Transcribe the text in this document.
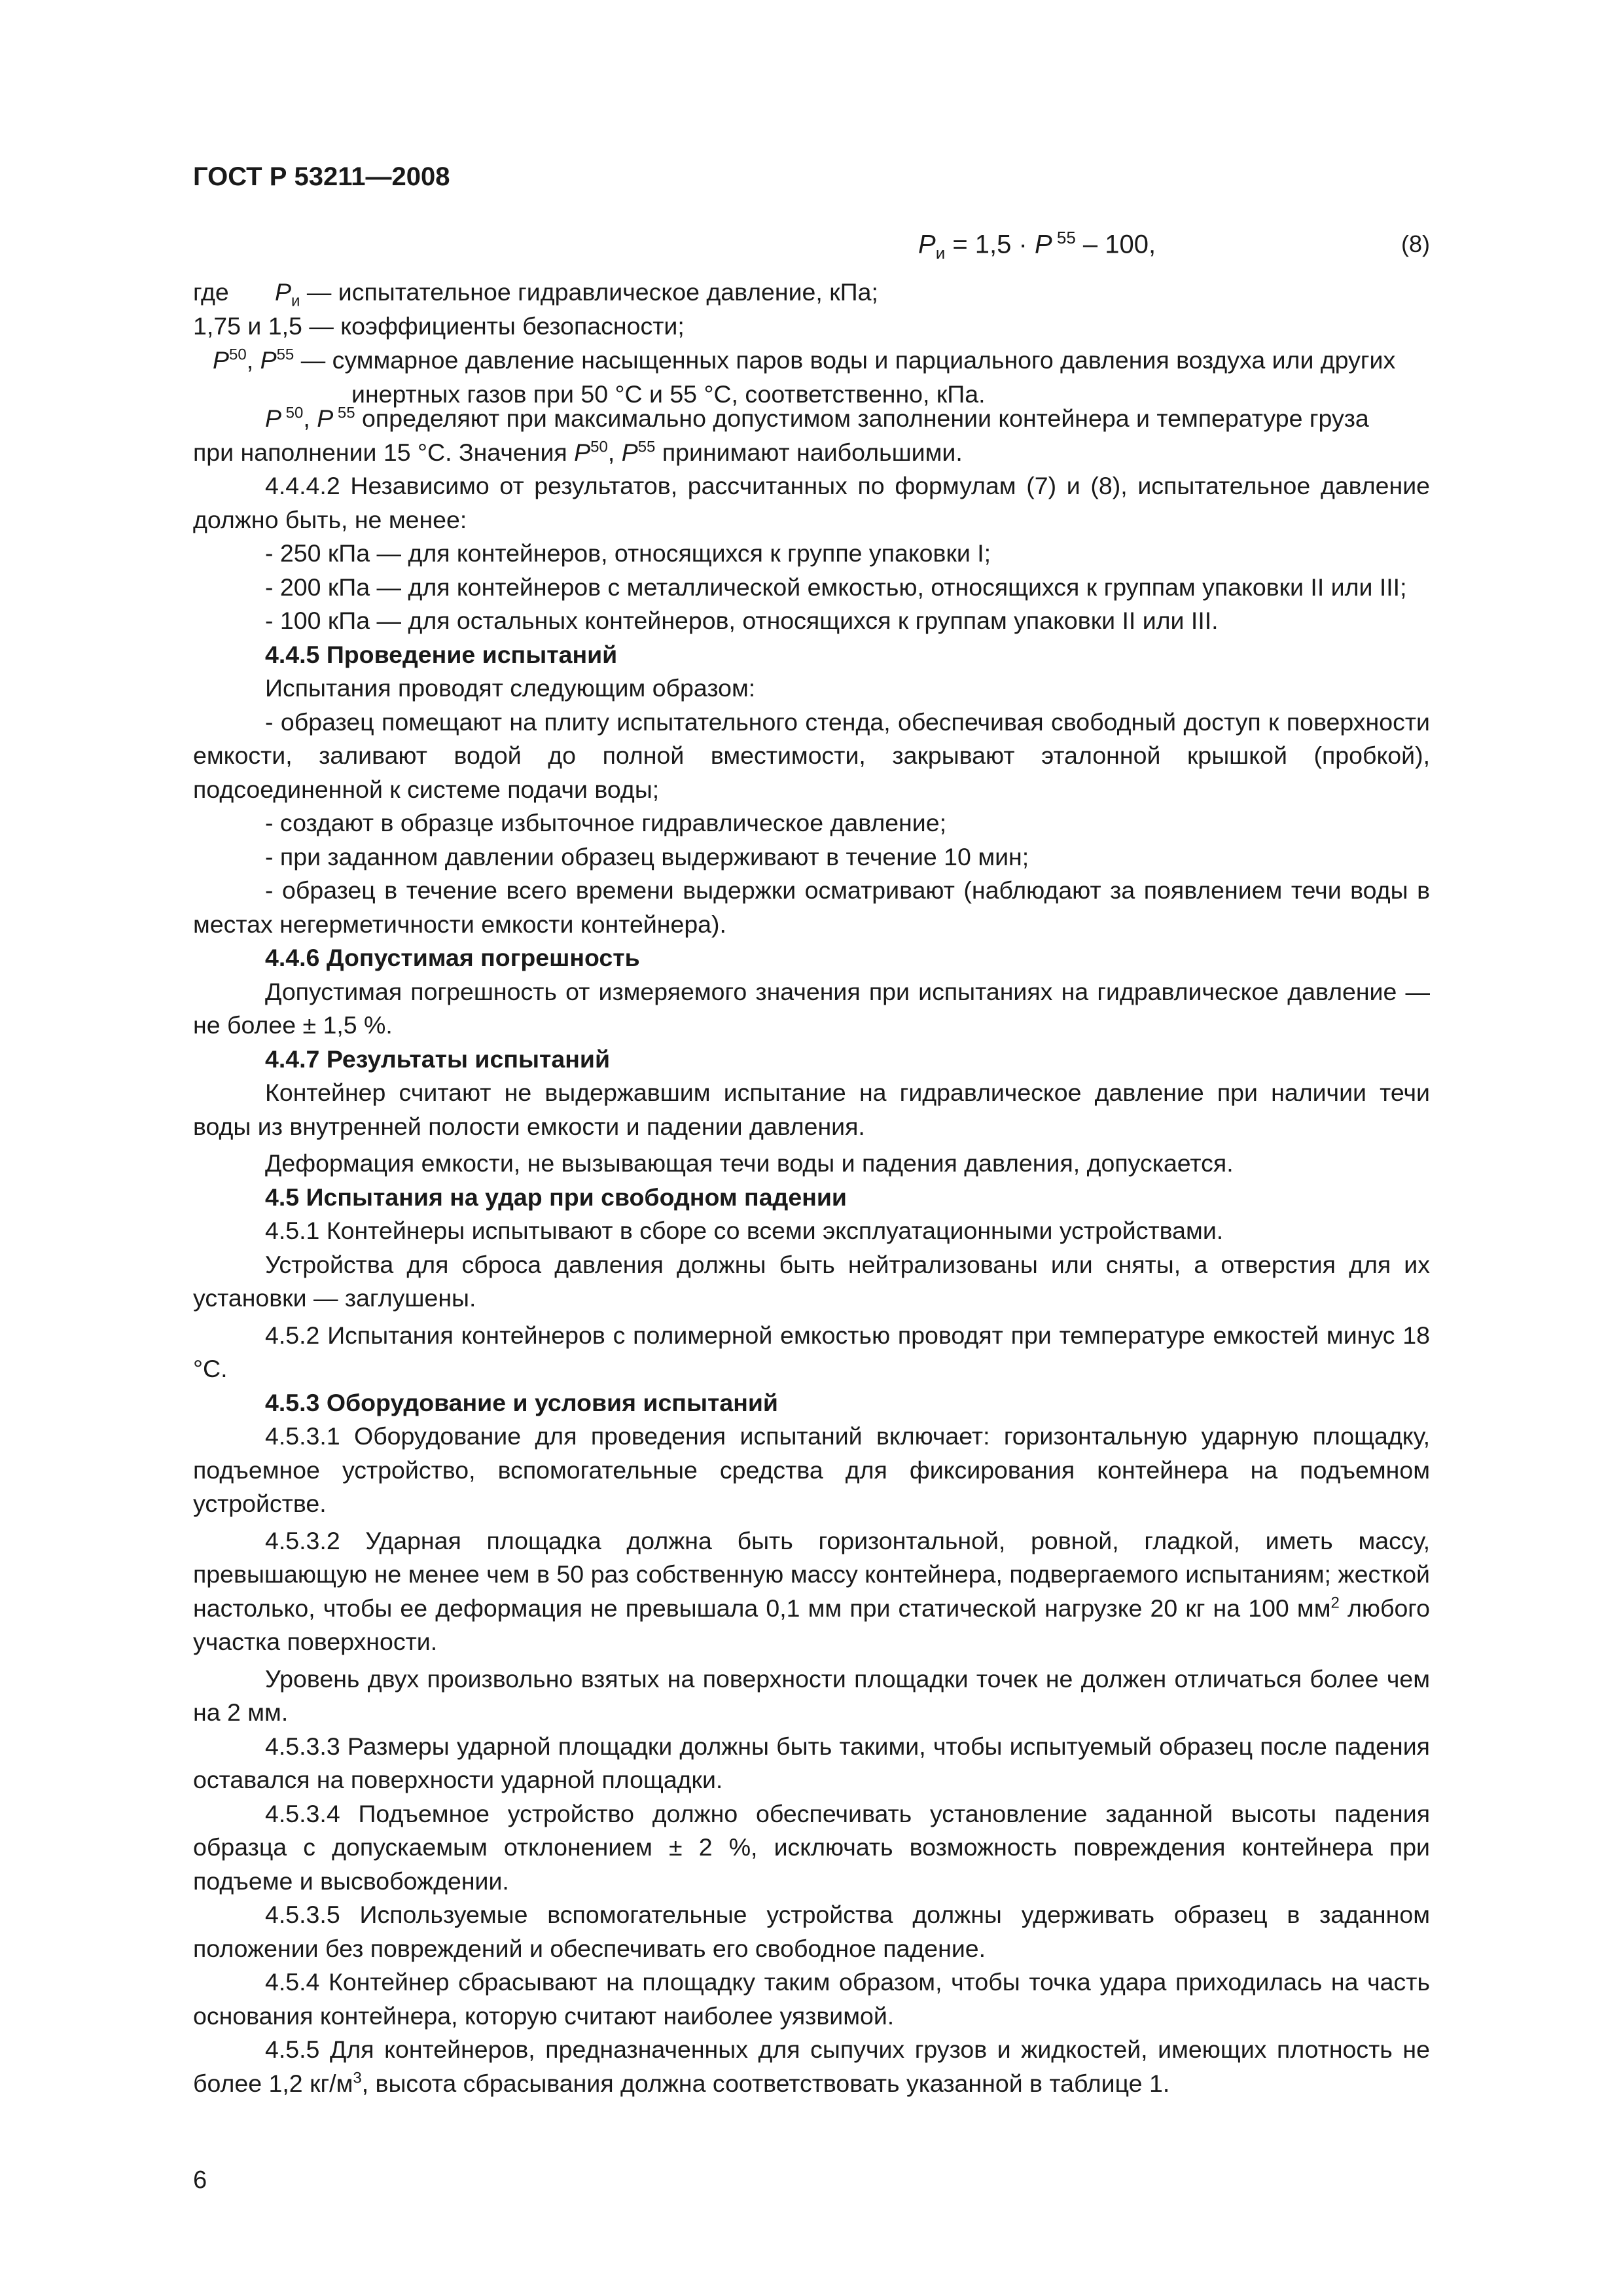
ГОСТ Р 53211—2008
$P_и = 1,5 \cdot P$ $^{55}$ – 100,	(8)
где $P_и$ — испытательное гидравлическое давление, кПа;
1,75 и 1,5 — коэффициенты безопасности;
$P^{50}$, $P^{55}$ — суммарное давление насыщенных паров воды и парциального давления воздуха или других
инертных газов при 50 °С и 55 °С, соответственно, кПа.

P $^{50}$, P $^{55}$ определяют при максимально допустимом заполнении контейнера и температуре груза

при наполнении 15 °С. Значения $P^{50}$, $P^{55}$ принимают наибольшими.

4.4.4.2 Независимо от результатов, рассчитанных по формулам (7) и (8), испытательное давление должно быть, не менее:

- 250 кПа — для контейнеров, относящихся к группе упаковки I;

- 200 кПа — для контейнеров с металлической емкостью, относящихся к группам упаковки II или III;

- 100 кПа — для остальных контейнеров, относящихся к группам упаковки II или III.

4.4.5 Проведение испытаний

Испытания проводят следующим образом:

- образец помещают на плиту испытательного стенда, обеспечивая свободный доступ к поверхности емкости, заливают водой до полной вместимости, закрывают эталонной крышкой (пробкой), подсоединенной к системе подачи воды;

- создают в образце избыточное гидравлическое давление;

- при заданном давлении образец выдерживают в течение 10 мин;

- образец в течение всего времени выдержки осматривают (наблюдают за появлением течи воды в местах негерметичности емкости контейнера).

4.4.6 Допустимая погрешность

Допустимая погрешность от измеряемого значения при испытаниях на гидравлическое давление — не более ± 1,5 %.

4.4.7 Результаты испытаний

Контейнер считают не выдержавшим испытание на гидравлическое давление при наличии течи воды из внутренней полости емкости и падении давления.

Деформация емкости, не вызывающая течи воды и падения давления, допускается.

4.5 Испытания на удар при свободном падении

4.5.1 Контейнеры испытывают в сборе со всеми эксплуатационными устройствами.

Устройства для сброса давления должны быть нейтрализованы или сняты, а отверстия для их установки — заглушены.

4.5.2 Испытания контейнеров с полимерной емкостью проводят при температуре емкостей минус 18 °С.

4.5.3 Оборудование и условия испытаний

4.5.3.1 Оборудование для проведения испытаний включает: горизонтальную ударную площадку, подъемное устройство, вспомогательные средства для фиксирования контейнера на подъемном устройстве.

4.5.3.2 Ударная площадка должна быть горизонтальной, ровной, гладкой, иметь массу, превышающую не менее чем в 50 раз собственную массу контейнера, подвергаемого испытаниям; жесткой настолько, чтобы ее деформация не превышала 0,1 мм при статической нагрузке 20 кг на 100 $мм^2$ любого участка поверхности.

Уровень двух произвольно взятых на поверхности площадки точек не должен отличаться более чем на 2 мм.

4.5.3.3 Размеры ударной площадки должны быть такими, чтобы испытуемый образец после падения оставался на поверхности ударной площадки.

4.5.3.4 Подъемное устройство должно обеспечивать установление заданной высоты падения образца с допускаемым отклонением ± 2 %, исключать возможность повреждения контейнера при подъеме и высвобождении.

4.5.3.5 Используемые вспомогательные устройства должны удерживать образец в заданном положении без повреждений и обеспечивать его свободное падение.

4.5.4 Контейнер сбрасывают на площадку таким образом, чтобы точка удара приходилась на часть основания контейнера, которую считают наиболее уязвимой.

4.5.5 Для контейнеров, предназначенных для сыпучих грузов и жидкостей, имеющих плотность не более 1,2 $кг/м^3$, высота сбрасывания должна соответствовать указанной в таблице 1.

6
